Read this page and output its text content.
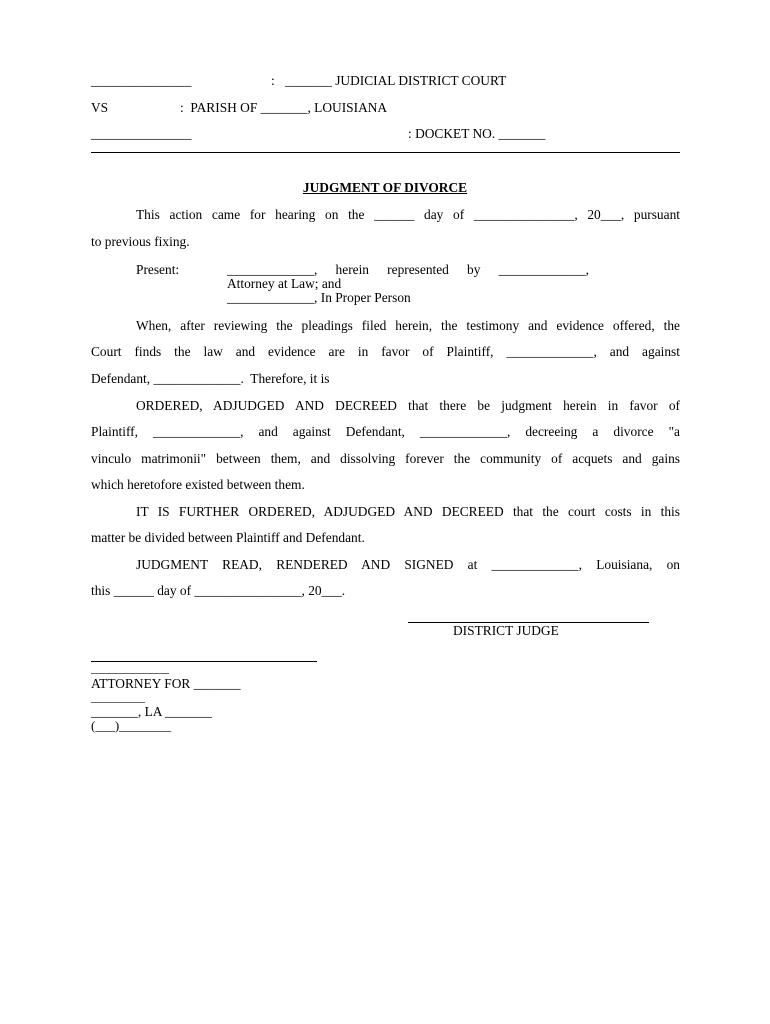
_______________	: _______ JUDICIAL DISTRICT COURT
VS	:  PARISH OF _______, LOUISIANA
_______________	: DOCKET NO. _______
JUDGMENT OF DIVORCE
This action came for hearing on the ______ day of _______________, 20___, pursuant
to previous fixing.
Present:	_____________, herein represented by _____________,
Attorney at Law; and
_____________, In Proper Person
When, after reviewing the pleadings filed herein, the testimony and evidence offered, the
Court finds the law and evidence are in favor of Plaintiff, _____________, and against
Defendant, _____________.  Therefore, it is
ORDERED, ADJUDGED AND DECREED that there be judgment herein in favor of
Plaintiff, _____________, and against Defendant, _____________, decreeing a divorce "a
vinculo matrimonii" between them, and dissolving forever the community of acquets and gains
which heretofore existed between them.
IT IS FURTHER ORDERED, ADJUDGED AND DECREED that the court costs in this
matter be divided between Plaintiff and Defendant.
JUDGMENT READ, RENDERED AND SIGNED at _____________, Louisiana, on
this ______ day of ________________, 20___.
DISTRICT JUDGE
_____________
ATTORNEY FOR _______
_________
_______, LA _______
(___)________
